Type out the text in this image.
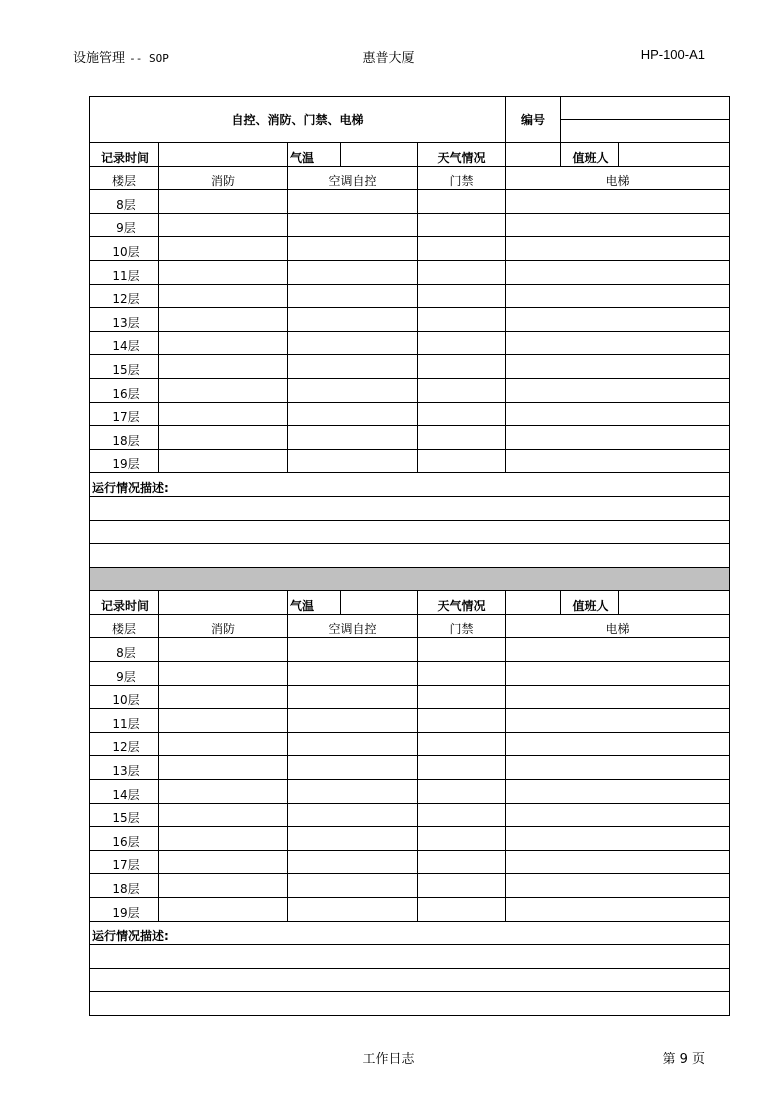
设施管理 -- SOP	惠普大厦	HP-100-A1
自控、消防、门禁、电梯					编号		

记录时间		气温		天气情况		值班人	
楼层	消防	空调自控		门禁	电梯		
8层							
9层							
10层							
11层							
12层							
13层							
14层							
15层							
16层							
17层							
18层							
19层							
运行情况描述:							

记录时间		气温		天气情况		值班人	
楼层	消防	空调自控		门禁	电梯		
8层							
9层							
10层							
11层							
12层							
13层							
14层							
15层							
16层							
17层							
18层							
19层							
运行情况描述:							

工作日志	第 9 页
